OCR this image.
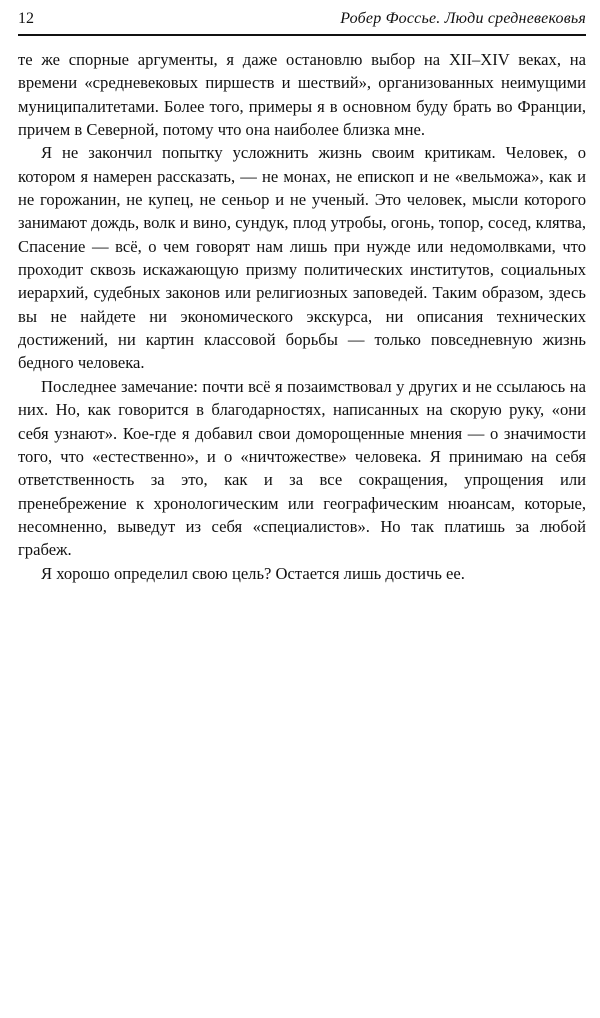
12	Робер Фоссье. Люди средневековья

те же спорные аргументы, я даже остановлю выбор на XII–XIV веках, на времени «средневековых пиршеств и шествий», организованных неимущими муниципалитетами. Более того, примеры я в основном буду брать во Франции, причем в Северной, потому что она наиболее близка мне.

Я не закончил попытку усложнить жизнь своим критикам. Человек, о котором я намерен рассказать, — не монах, не епископ и не «вельможа», как и не горожанин, не купец, не сеньор и не ученый. Это человек, мысли которого занимают дождь, волк и вино, сундук, плод утробы, огонь, топор, сосед, клятва, Спасение — всё, о чем говорят нам лишь при нужде или недомолвками, что проходит сквозь искажающую призму политических институтов, социальных иерархий, судебных законов или религиозных заповедей. Таким образом, здесь вы не найдете ни экономического экскурса, ни описания технических достижений, ни картин классовой борьбы — только повседневную жизнь бедного человека.

Последнее замечание: почти всё я позаимствовал у других и не ссылаюсь на них. Но, как говорится в благодарностях, написанных на скорую руку, «они себя узнают». Кое-где я добавил свои доморощенные мнения — о значимости того, что «естественно», и о «ничтожестве» человека. Я принимаю на себя ответственность за это, как и за все сокращения, упрощения или пренебрежение к хронологическим или географическим нюансам, которые, несомненно, выведут из себя «специалистов». Но так платишь за любой грабеж.

Я хорошо определил свою цель? Остается лишь достичь ее.
